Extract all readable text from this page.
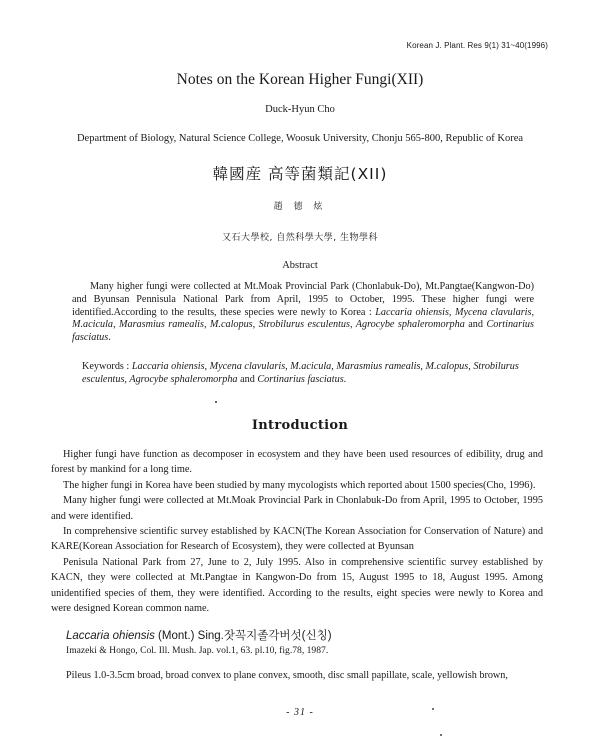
Korean J. Plant. Res 9(1) 31~40(1996)
Notes on the Korean Higher Fungi(XII)
Duck-Hyun Cho
Department of Biology, Natural Science College, Woosuk University, Chonju 565-800, Republic of Korea
韓國産 高等菌類記(XII)
趙 德 炫
又石大學校, 自然科學大學, 生物學科
Abstract
Many higher fungi were collected at Mt.Moak Provincial Park (Chonlabuk-Do), Mt.Pangtae(Kangwon-Do) and Byunsan Pennisula National Park from April, 1995 to October, 1995. These higher fungi were identified.According to the results, these species were newly to Korea : Laccaria ohiensis, Mycena clavularis, M.acicula, Marasmius ramealis, M.calopus, Strobilurus esculentus, Agrocybe sphaleromorpha and Cortinarius fasciatus.
Keywords : Laccaria ohiensis, Mycena clavularis, M.acicula, Marasmius ramealis, M.calopus, Strobilurus esculentus, Agrocybe sphaleromorpha and Cortinarius fasciatus.
Introduction

Higher fungi have function as decomposer in ecosystem and they have been used resources of edibility, drug and forest by mankind for a long time.

The higher fungi in Korea have been studied by many mycologists which reported about 1500 species(Cho, 1996).

Many higher fungi were collected at Mt.Moak Provincial Park in Chonlabuk-Do from April, 1995 to October, 1995 and were identified.

In comprehensive scientific survey established by KACN(The Korean Association for Conservation of Nature) and KARE(Korean Association for Research of Ecosystem), they were collected at Byunsan

Penisula National Park from 27, June to 2, July 1995. Also in comprehensive scientific survey established by KACN, they were collected at Mt.Pangtae in Kangwon-Do from 15, August 1995 to 18, August 1995. Among unidentified species of them, they were identified. According to the results, eight species were newly to Korea and were designed Korean common name.

Laccaria ohiensis (Mont.) Sing.잣꼭지졸각버섯(신칭)
Imazeki & Hongo, Col. Ill. Mush. Jap. vol.1, 63. pl.10, fig.78, 1987.
Pileus 1.0-3.5cm broad, broad convex to plane convex, smooth, disc small papillate, scale, yellowish brown,
- 31 -
